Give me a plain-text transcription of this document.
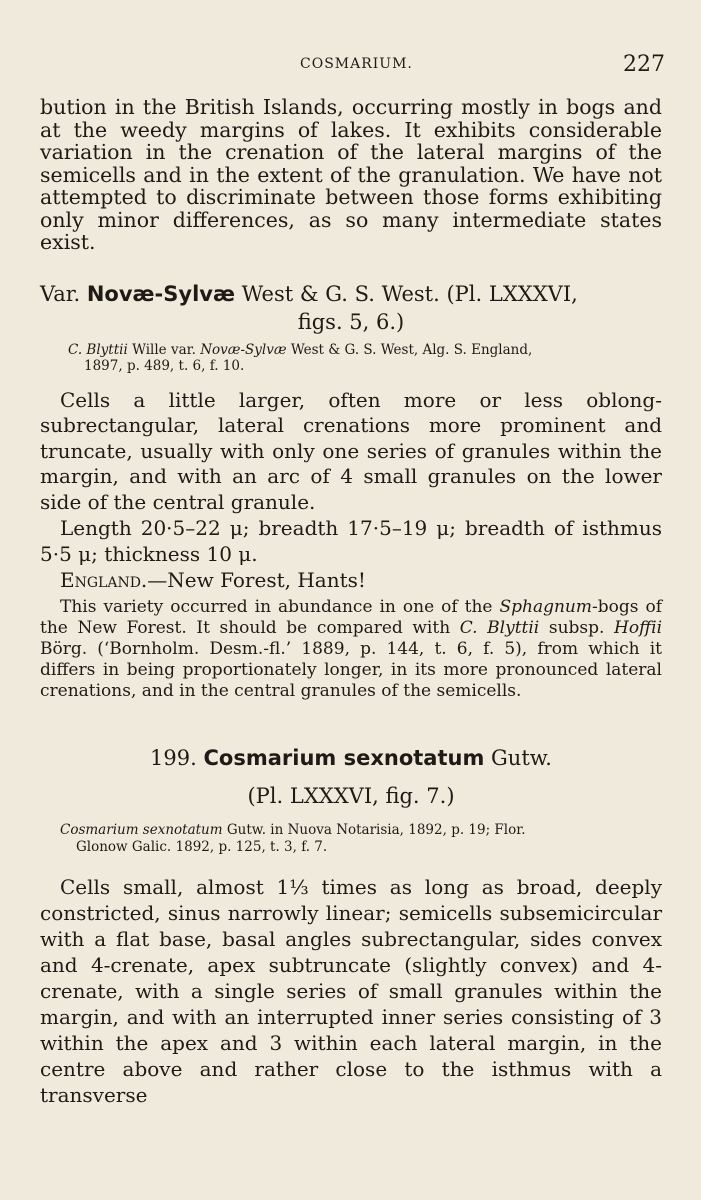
COSMARIUM.	227

bution in the British Islands, occurring mostly in bogs and at the weedy margins of lakes. It exhibits considerable variation in the crenation of the lateral margins of the semicells and in the extent of the granulation. We have not attempted to discriminate between those forms exhibiting only minor differences, as so many intermediate states exist.

Var. Novæ-Sylvæ West & G. S. West. (Pl. LXXXVI,
figs. 5, 6.)

C. Blyttii Wille var. Novæ-Sylvæ West & G. S. West, Alg. S. England,
1897, p. 489, t. 6, f. 10.

Cells a little larger, often more or less oblong-subrectangular, lateral crenations more prominent and truncate, usually with only one series of granules within the margin, and with an arc of 4 small granules on the lower side of the central granule.

Length 20·5–22 μ; breadth 17·5–19 μ; breadth of isthmus 5·5 μ; thickness 10 μ.

England.—New Forest, Hants!

This variety occurred in abundance in one of the Sphagnum-bogs of the New Forest. It should be compared with C. Blyttii subsp. Hoffii Börg. (‘Bornholm. Desm.-fl.’ 1889, p. 144, t. 6, f. 5), from which it differs in being proportionately longer, in its more pronounced lateral crenations, and in the central granules of the semicells.

199. Cosmarium sexnotatum Gutw.
(Pl. LXXXVI, fig. 7.)

Cosmarium sexnotatum Gutw. in Nuova Notarisia, 1892, p. 19; Flor.
Glonow Galic. 1892, p. 125, t. 3, f. 7.

Cells small, almost 1⅓ times as long as broad, deeply constricted, sinus narrowly linear; semicells subsemicircular with a flat base, basal angles subrectangular, sides convex and 4-crenate, apex subtruncate (slightly convex) and 4-crenate, with a single series of small granules within the margin, and with an interrupted inner series consisting of 3 within the apex and 3 within each lateral margin, in the centre above and rather close to the isthmus with a transverse
